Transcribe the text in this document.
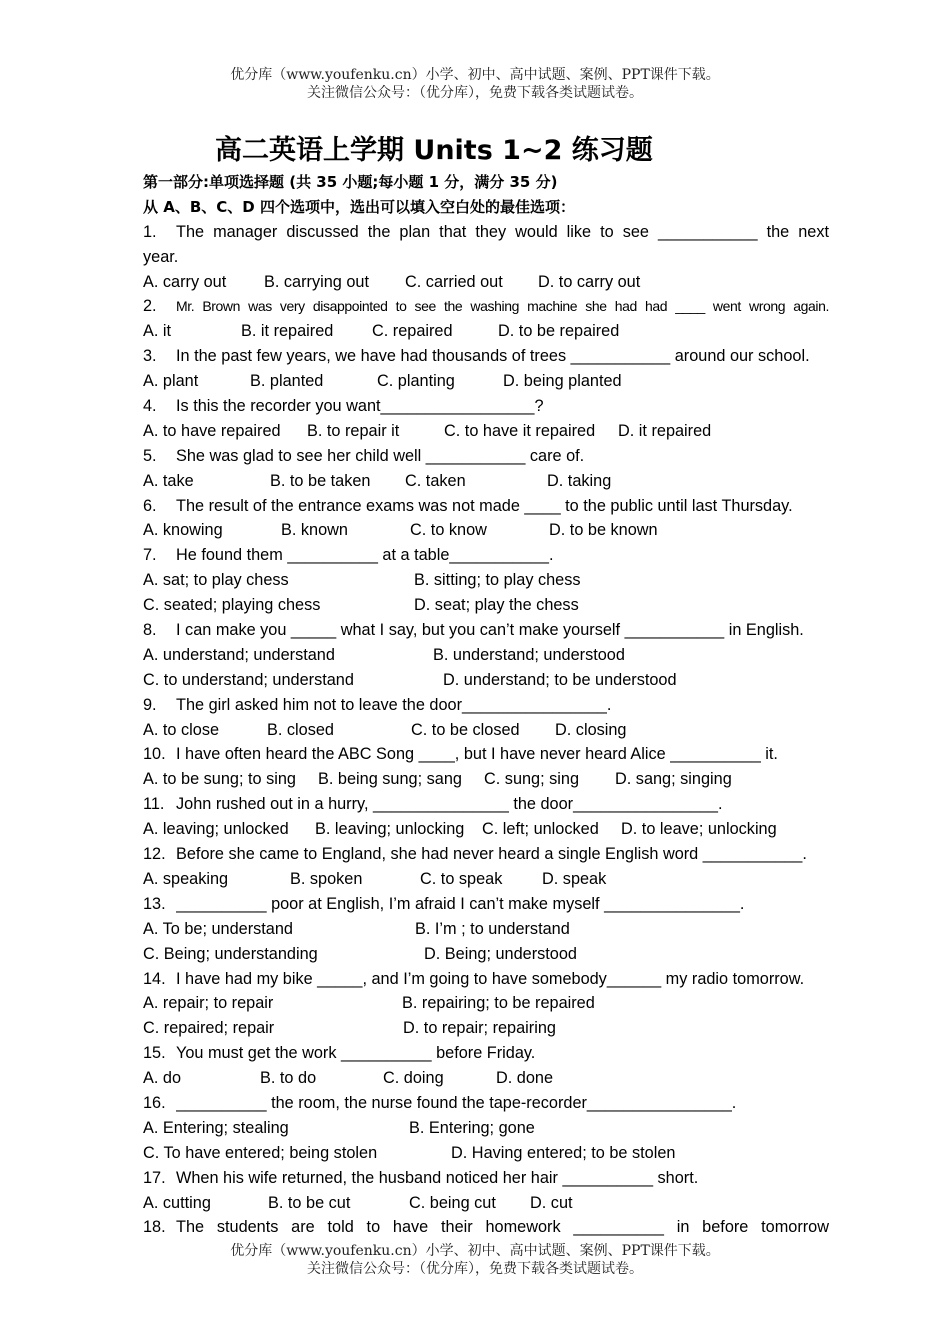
优分库（www.youfenku.cn）小学、初中、高中试题、案例、PPT课件下载。
关注微信公众号：（优分库），免费下载各类试题试卷。
高二英语上学期 Units 1~2 练习题
第一部分:单项选择题 (共 35 小题;每小题 1 分，满分 35 分)
从 A、B、C、D 四个选项中，选出可以填入空白处的最佳选项：
1.	The manager discussed the plan that they would like to see ___________ the next
year.
A. carry out B. carrying out C. carried out D. to carry out
2.	Mr. Brown was very disappointed to see the washing machine she had had ____ went wrong again.
A. it	B. it repaired C. repaired	D. to be repaired
3.	In the past few years, we have had thousands of trees ___________ around our school.
A. plant	B. planted	C. planting	D. being planted
4.	Is this the recorder you want_________________?
A. to have repaired B. to repair it	C. to have it repaired D. it repaired
5.	She was glad to see her child well ___________ care of.
A. take	B. to be taken C. taken	D. taking
6.	The result of the entrance exams was not made ____ to the public until last Thursday.
A. knowing	B. known	C. to know	D. to be known
7.	He found them __________ at a table___________.
A. sat; to play chess	B. sitting; to play chess
C. seated; playing chess	D. seat; play the chess
8.	I can make you _____ what I say, but you can’t make yourself ___________ in English.
A. understand; understand	B. understand; understood
C. to understand; understand	D. understand; to be understood
9.	The girl asked him not to leave the door________________.
A. to close	B. closed	C. to be closed D. closing
10. I have often heard the ABC Song ____, but I have never heard Alice __________ it.
A. to be sung; to sing B. being sung; sang C. sung; sing D. sang; singing
11. John rushed out in a hurry, _______________ the door________________.
A. leaving; unlocked B. leaving; unlocking C. left; unlocked D. to leave; unlocking
12. Before she came to England, she had never heard a single English word ___________.
A. speaking	B. spoken	C. to speak D. speak
13. __________ poor at English, I’m afraid I can’t make myself _______________.
A. To be; understand	B. I’m ; to understand
C. Being; understanding	D. Being; understood
14. I have had my bike _____, and I’m going to have somebody______ my radio tomorrow.
A. repair; to repair	B. repairing; to be repaired
C. repaired; repair	D. to repair; repairing
15. You must get the work __________ before Friday.
A. do	B. to do	C. doing	D. done
16. __________ the room, the nurse found the tape-recorder________________.
A. Entering; stealing	B. Entering; gone
C. To have entered; being stolen	D. Having entered; to be stolen
17. When his wife returned, the husband noticed her hair __________ short.
A. cutting	B. to be cut	C. being cut D. cut
18. The students are told to have their homework __________ in before tomorrow
优分库（www.youfenku.cn）小学、初中、高中试题、案例、PPT课件下载。
关注微信公众号：（优分库），免费下载各类试题试卷。
